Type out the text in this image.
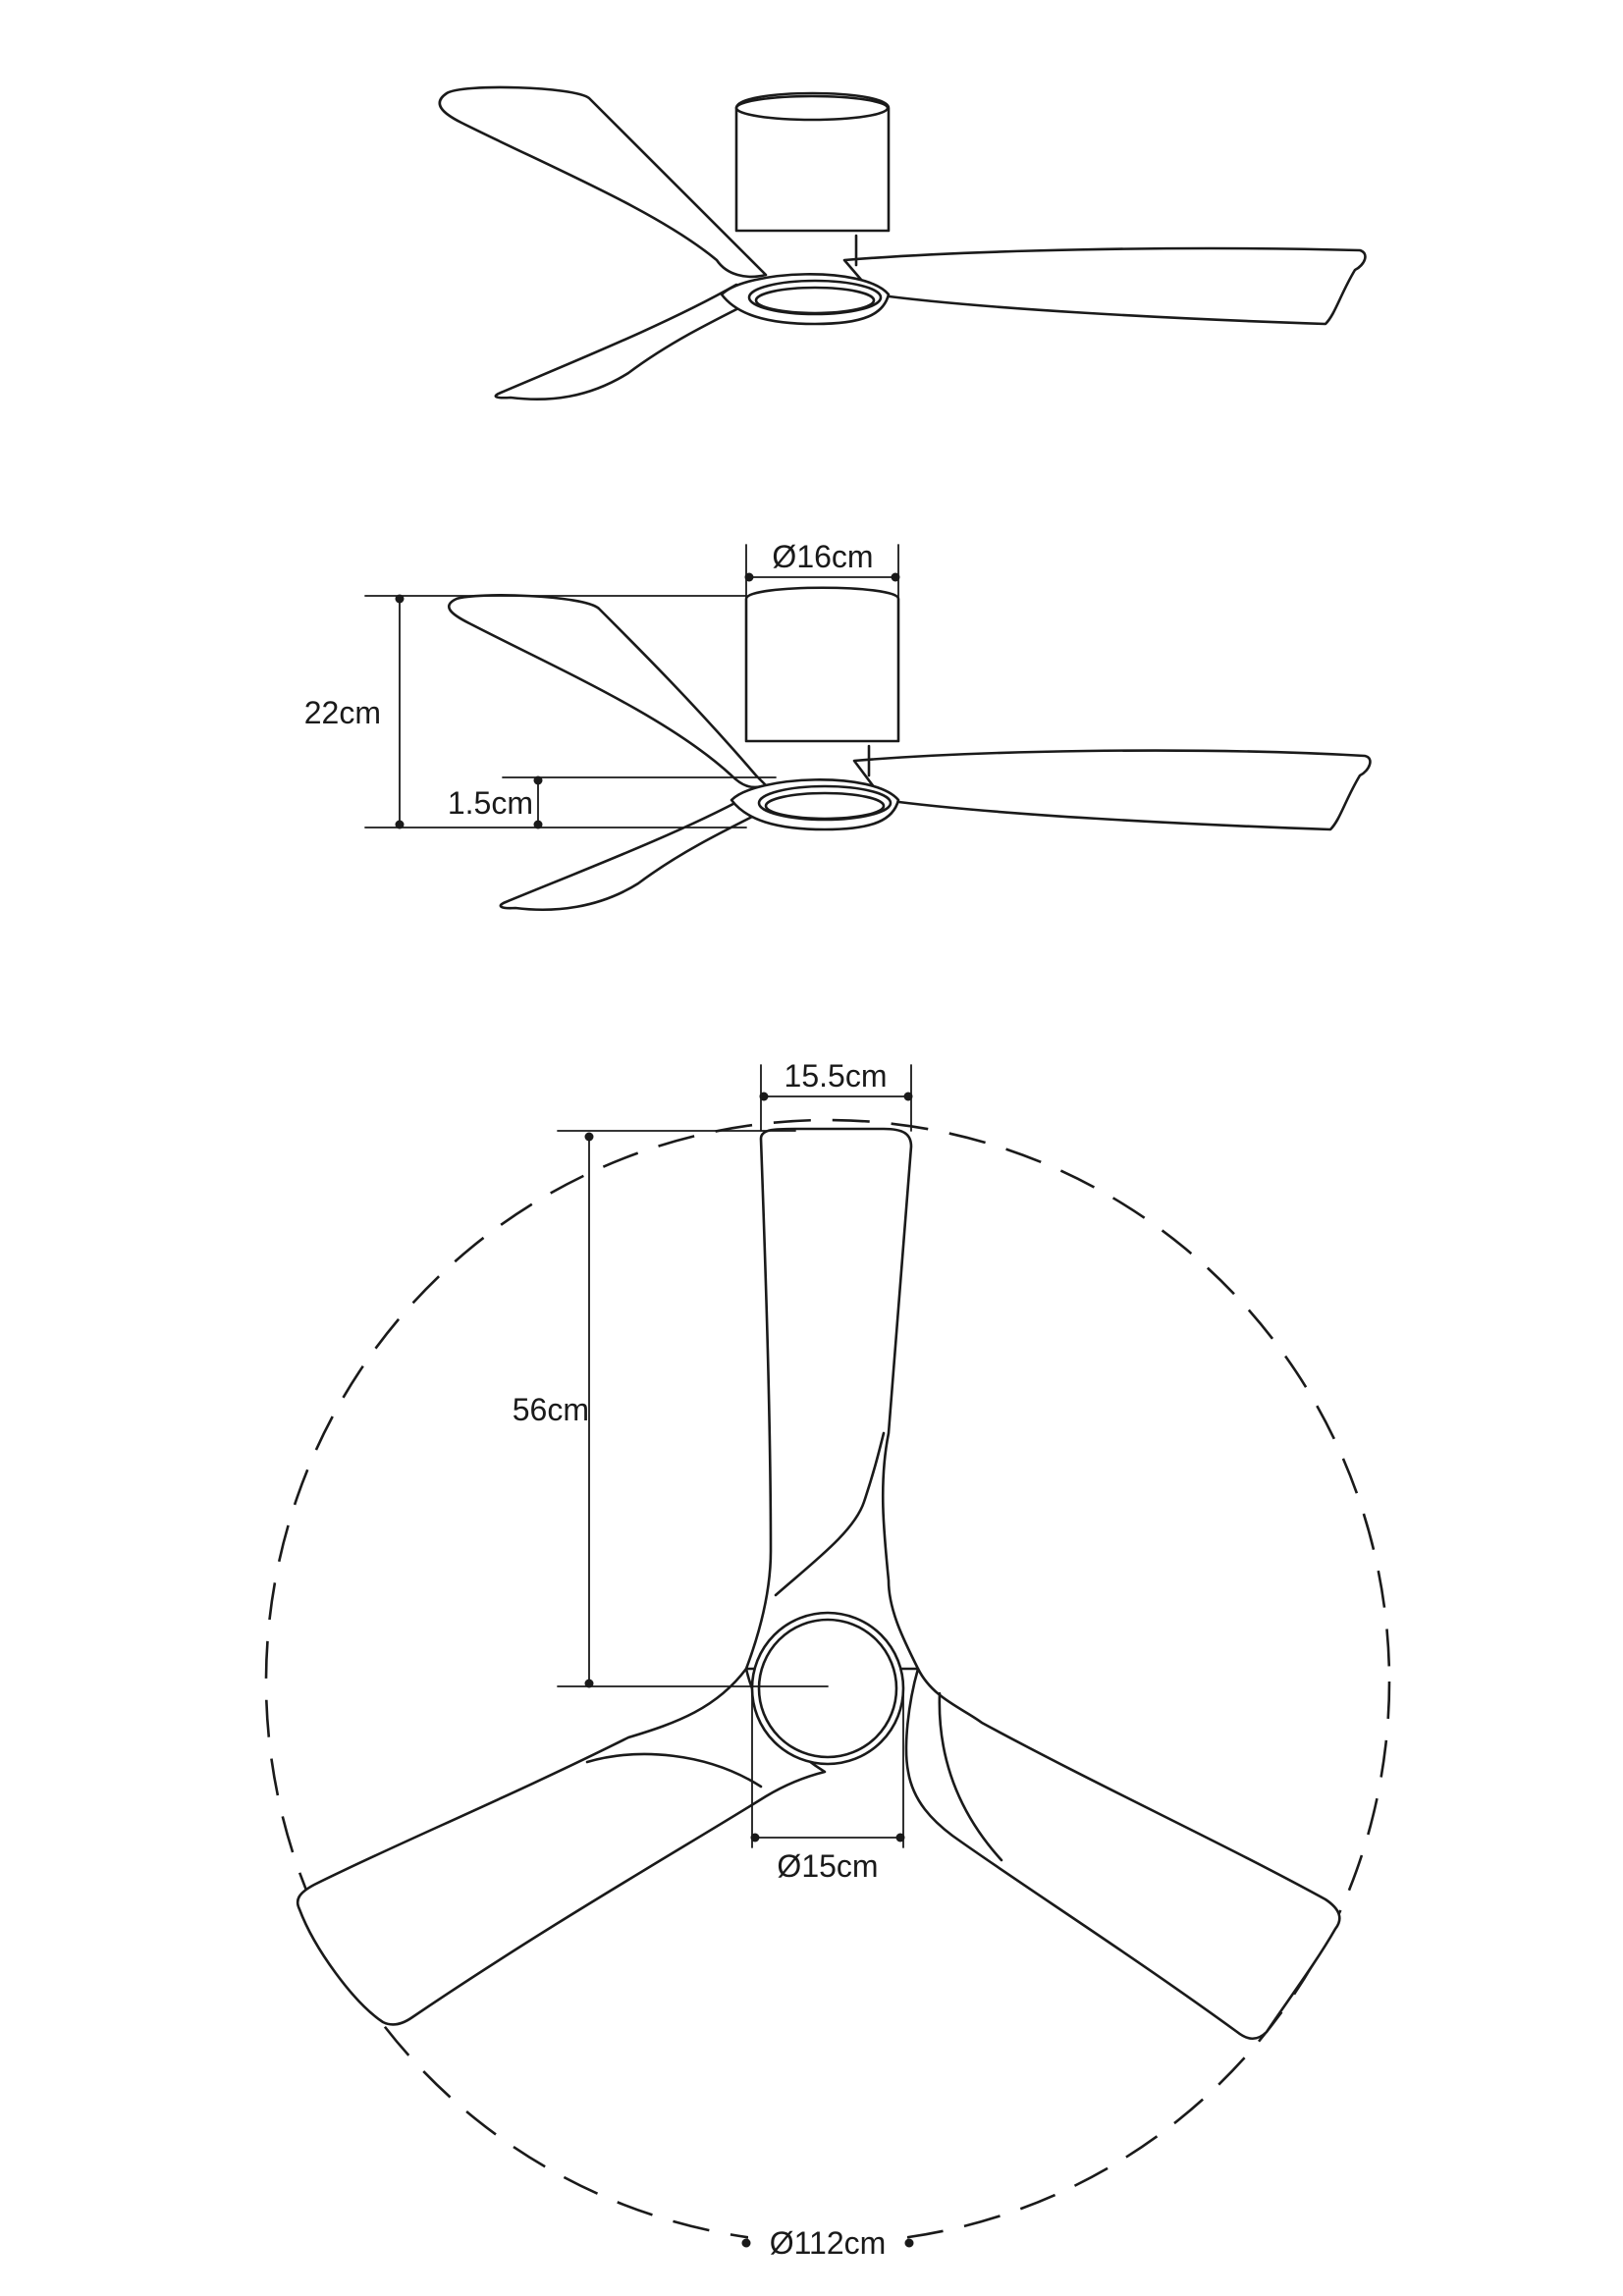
Ø16cm
22cm
1.5cm
15.5cm
56cm
Ø15cm
Ø112cm
